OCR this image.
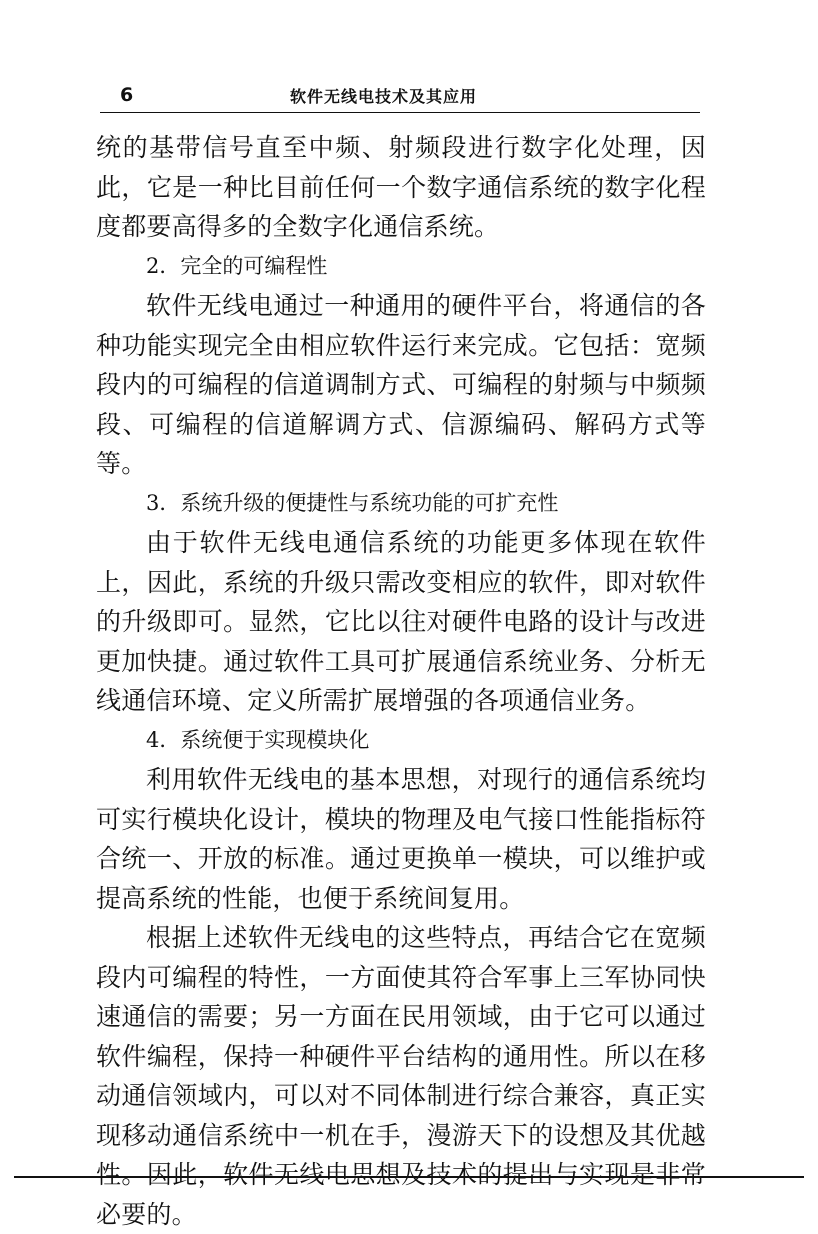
6	软件无线电技术及其应用

统的基带信号直至中频、射频段进行数字化处理，因此，它是一种比目前任何一个数字通信系统的数字化程度都要高得多的全数字化通信系统。

2．完全的可编程性

软件无线电通过一种通用的硬件平台，将通信的各种功能实现完全由相应软件运行来完成。它包括：宽频段内的可编程的信道调制方式、可编程的射频与中频频段、可编程的信道解调方式、信源编码、解码方式等等。

3．系统升级的便捷性与系统功能的可扩充性

由于软件无线电通信系统的功能更多体现在软件上，因此，系统的升级只需改变相应的软件，即对软件的升级即可。显然，它比以往对硬件电路的设计与改进更加快捷。通过软件工具可扩展通信系统业务、分析无线通信环境、定义所需扩展增强的各项通信业务。

4．系统便于实现模块化

利用软件无线电的基本思想，对现行的通信系统均可实行模块化设计，模块的物理及电气接口性能指标符合统一、开放的标准。通过更换单一模块，可以维护或提高系统的性能，也便于系统间复用。

根据上述软件无线电的这些特点，再结合它在宽频段内可编程的特性，一方面使其符合军事上三军协同快速通信的需要；另一方面在民用领域，由于它可以通过软件编程，保持一种硬件平台结构的通用性。所以在移动通信领域内，可以对不同体制进行综合兼容，真正实现移动通信系统中一机在手，漫游天下的设想及其优越性。因此，软件无线电思想及技术的提出与实现是非常必要的。
